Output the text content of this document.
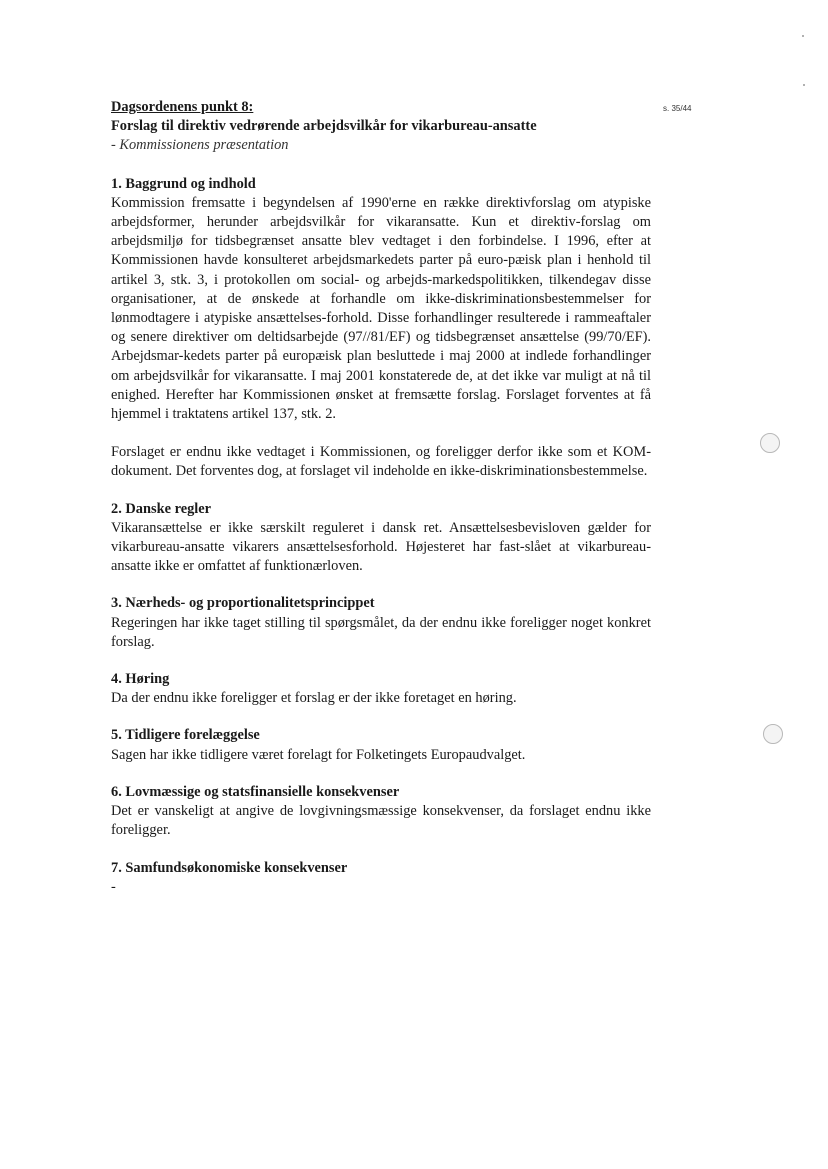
s. 35/44

Dagsordenens punkt 8:

Forslag til direktiv vedrørende arbejdsvilkår for vikarbureau-ansatte

- Kommissionens præsentation

1. Baggrund og indhold

Kommission fremsatte i begyndelsen af 1990'erne en række direktivforslag om atypiske arbejdsformer, herunder arbejdsvilkår for vikaransatte. Kun et direktiv-forslag om arbejdsmiljø for tidsbegrænset ansatte blev vedtaget i den forbindelse. I 1996, efter at Kommissionen havde konsulteret arbejdsmarkedets parter på euro-pæisk plan i henhold til artikel 3, stk. 3, i protokollen om social- og arbejds-markedspolitikken, tilkendegav disse organisationer, at de ønskede at forhandle om ikke-diskriminationsbestemmelser for lønmodtagere i atypiske ansættelses-forhold. Disse forhandlinger resulterede i rammeaftaler og senere direktiver om deltidsarbejde (97//81/EF) og tidsbegrænset ansættelse (99/70/EF). Arbejdsmar-kedets parter på europæisk plan besluttede i maj 2000 at indlede forhandlinger om arbejdsvilkår for vikaransatte. I maj 2001 konstaterede de, at det ikke var muligt at nå til enighed. Herefter har Kommissionen ønsket at fremsætte forslag. Forslaget forventes at få hjemmel i traktatens artikel 137, stk. 2.

Forslaget er endnu ikke vedtaget i Kommissionen, og foreligger derfor ikke som et KOM-dokument. Det forventes dog, at forslaget vil indeholde en ikke-diskriminationsbestemmelse.

2. Danske regler

Vikaransættelse er ikke særskilt reguleret i dansk ret. Ansættelsesbevisloven gælder for vikarbureau-ansatte vikarers ansættelsesforhold. Højesteret har fast-slået at vikarbureau-ansatte ikke er omfattet af funktionærloven.

3. Nærheds- og proportionalitetsprincippet

Regeringen har ikke taget stilling til spørgsmålet, da der endnu ikke foreligger noget konkret forslag.

4. Høring

Da der endnu ikke foreligger et forslag er der ikke foretaget en høring.

5. Tidligere forelæggelse

Sagen har ikke tidligere været forelagt for Folketingets Europaudvalget.

6. Lovmæssige og statsfinansielle konsekvenser

Det er vanskeligt at angive de lovgivningsmæssige konsekvenser, da forslaget endnu ikke foreligger.

7. Samfundsøkonomiske konsekvenser

-
